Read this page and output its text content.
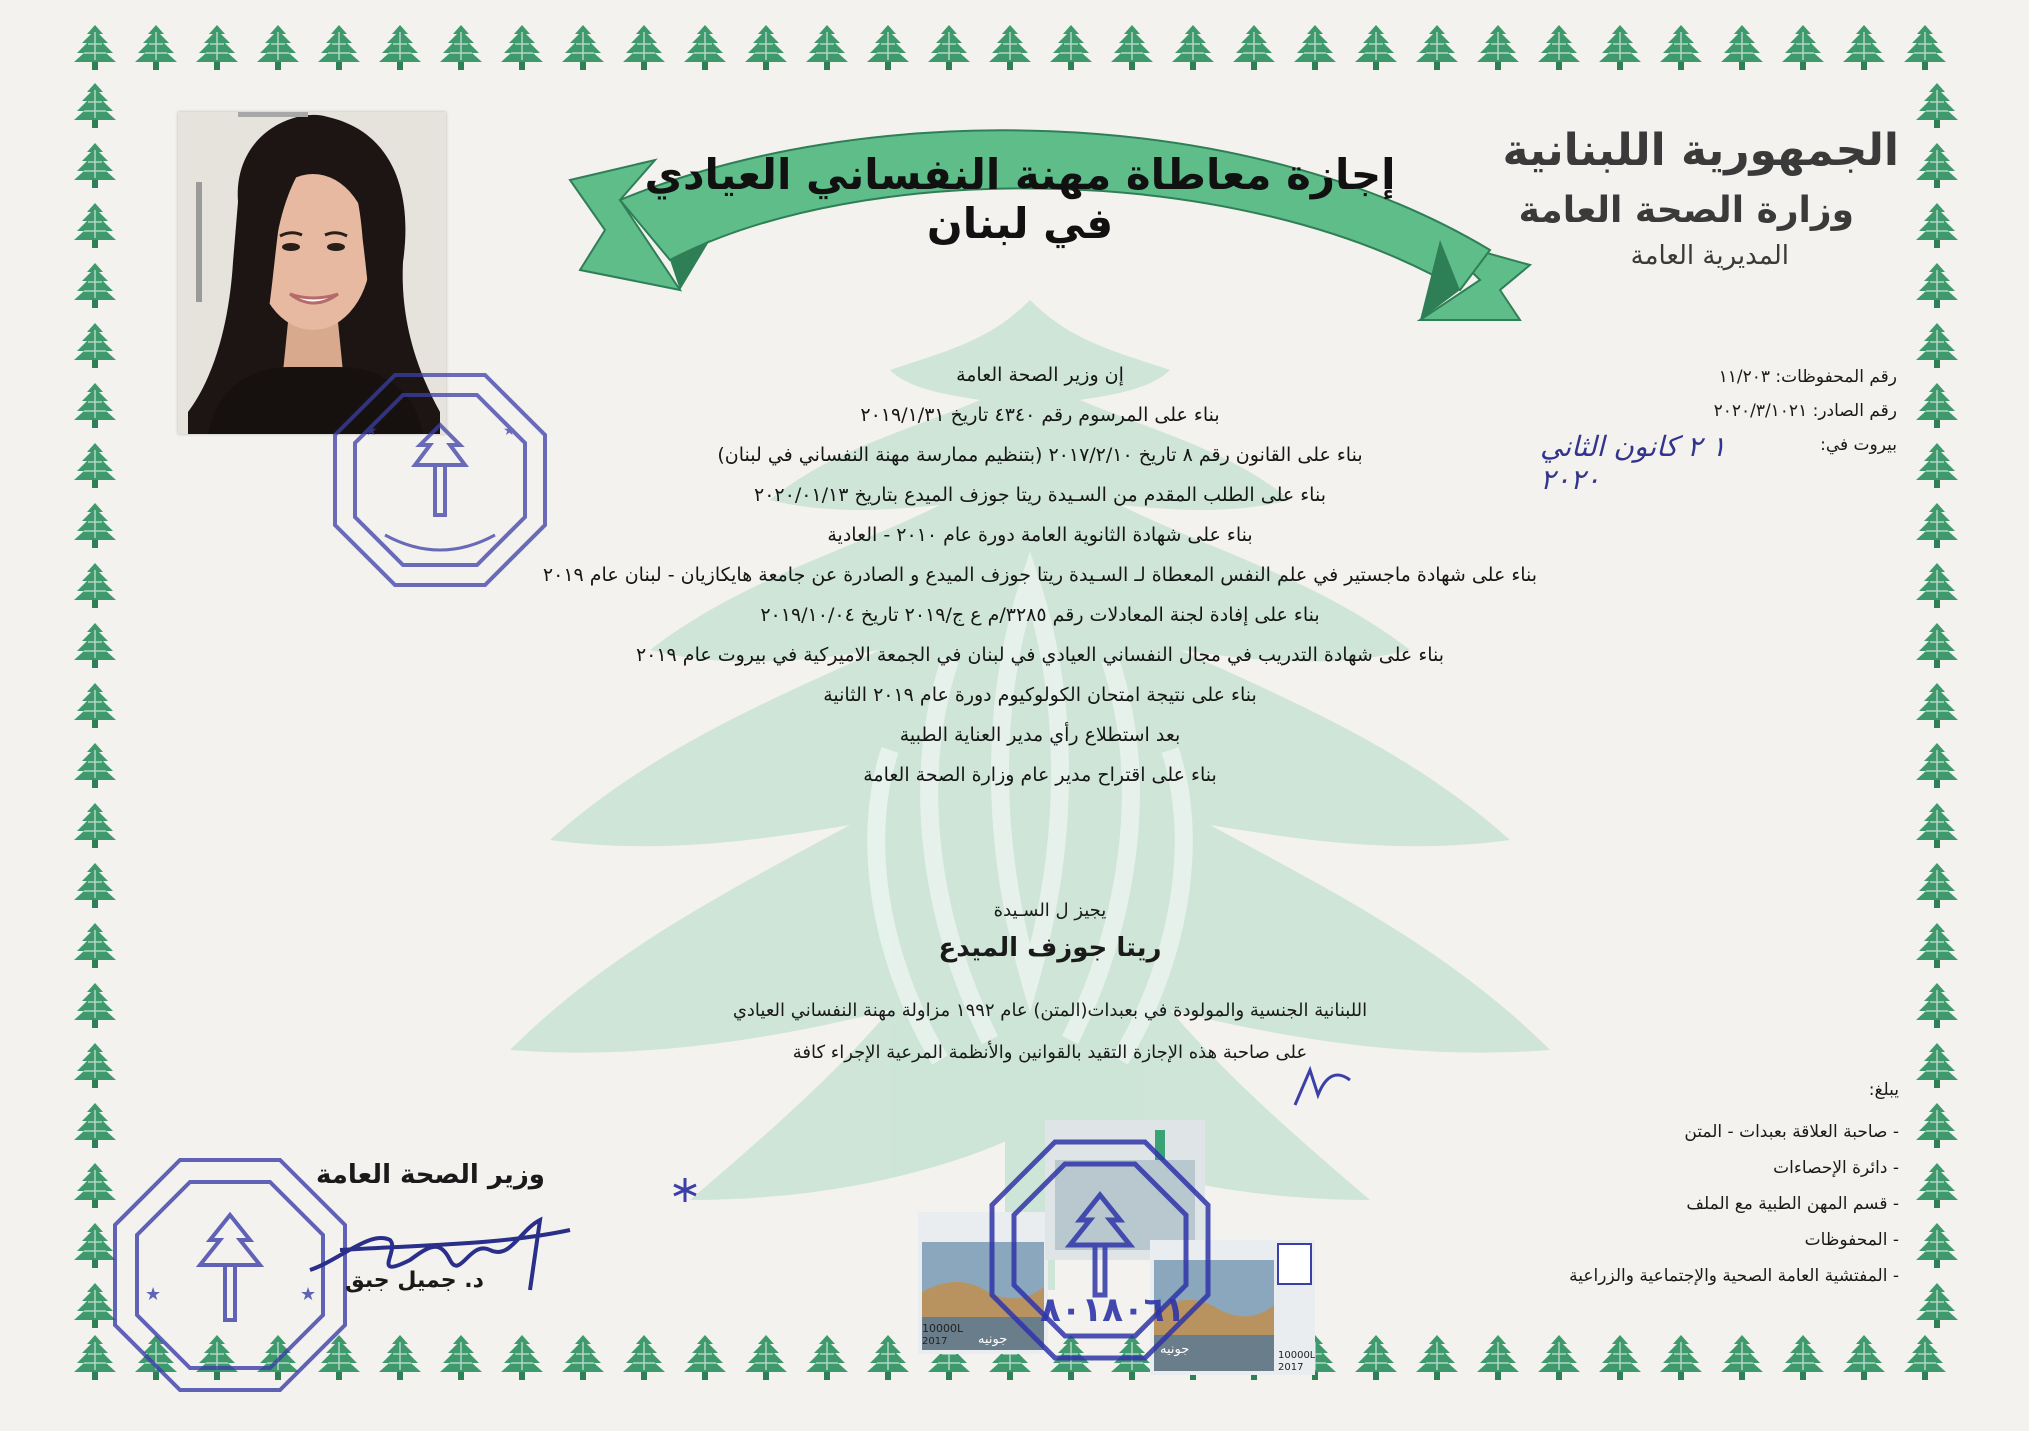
★	★
إجازة معاطاة مهنة النفساني العيادي في لبنان
الجمهورية اللبنانية
وزارة الصحة العامة
المديرية العامة
رقم المحفوظات: ١١/٢٠٣
رقم الصادر: ٢٠٢٠/٣/١٠٢١
بيروت في:
١ ٢ كانون الثاني ٢٠٢٠
إن وزير الصحة العامة
بناء على المرسوم رقم ٤٣٤٠ تاريخ ٢٠١٩/١/٣١
بناء على القانون رقم ٨ تاريخ ٢٠١٧/٢/١٠ (بتنظيم ممارسة مهنة النفساني في لبنان)
بناء على الطلب المقدم من السـيدة ريتا جوزف الميدع بتاريخ ٢٠٢٠/٠١/١٣
بناء على شهادة الثانوية العامة دورة عام ٢٠١٠ - العادية
بناء على شهادة ماجستير في علم النفس المعطاة لـ السـيدة ريتا جوزف الميدع و الصادرة عن جامعة هايكازيان - لبنان عام ٢٠١٩
بناء على إفادة لجنة المعادلات رقم ٣٢٨٥/م ع ج/٢٠١٩ تاريخ ٢٠١٩/١٠/٠٤
بناء على شهادة التدريب في مجال النفساني العيادي في لبنان في الجمعة الاميركية في بيروت عام ٢٠١٩
بناء على نتيجة امتحان الكولوكيوم دورة عام ٢٠١٩ الثانية
بعد استطلاع رأي مدير العناية الطبية
بناء على اقتراح مدير عام وزارة الصحة العامة
يجيز ل السـيدة
ريتا جوزف الميدع
اللبنانية الجنسية والمولودة في بعبدات(المتن) عام ١٩٩٢ مزاولة مهنة النفساني العيادي
على صاحبة هذه الإجازة التقيد بالقوانين والأنظمة المرعية الإجراء كافة
يبلغ:
- صاحبة العلاقة بعبدات - المتن
- دائرة الإحصاءات
- قسم المهن الطبية مع الملف
- المحفوظات
- المفتشية العامة الصحية والإجتماعية والزراعية
★	★
وزير الصحة العامة
د. جميل جبق
10000L
2017 جونيه
جونيه	10000L
2017
٨٠١٨٠٦١
